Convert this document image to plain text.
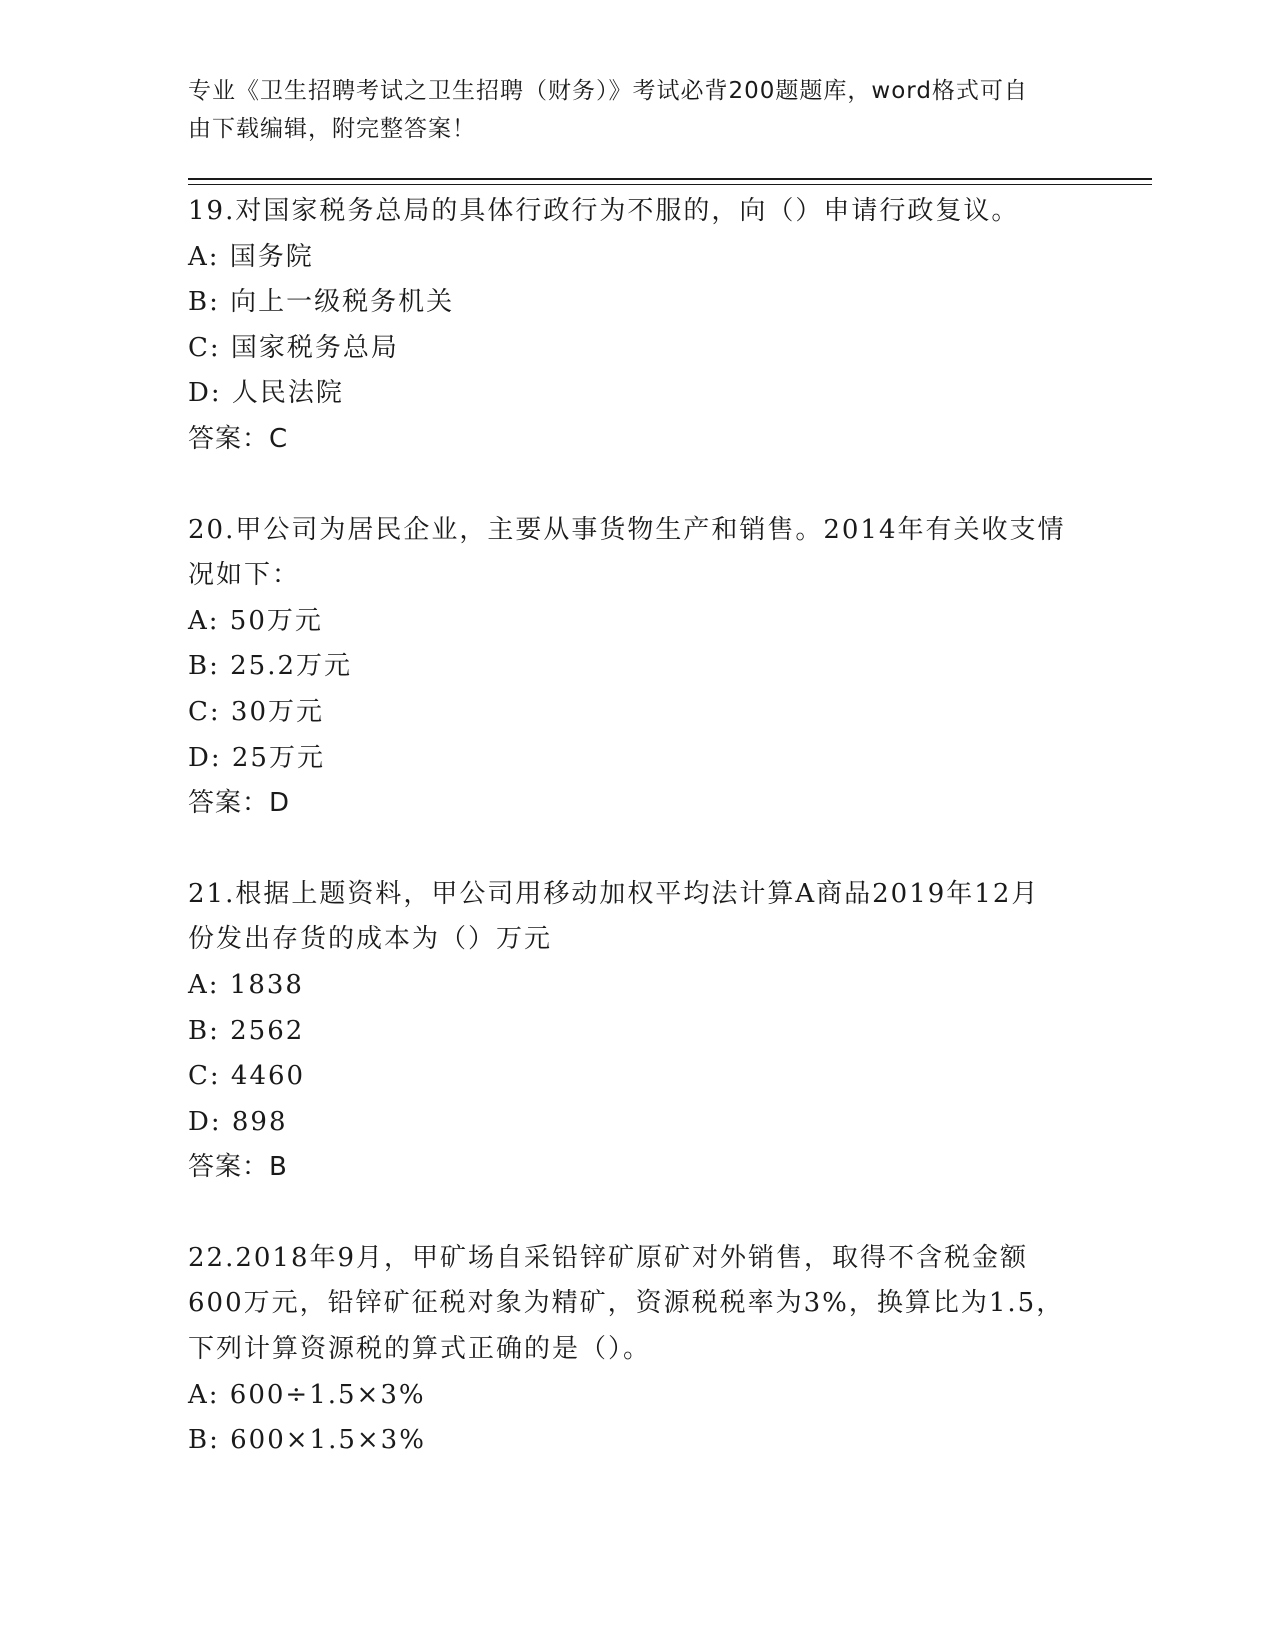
专业《卫生招聘考试之卫生招聘（财务）》考试必背200题题库，word格式可自
由下载编辑，附完整答案！
19.对国家税务总局的具体行政行为不服的，向（）申请行政复议。
A: 国务院
B: 向上一级税务机关
C: 国家税务总局
D: 人民法院
答案：C
20.甲公司为居民企业，主要从事货物生产和销售。2014年有关收支情
况如下：
A: 50万元
B: 25.2万元
C: 30万元
D: 25万元
答案：D
21.根据上题资料，甲公司用移动加权平均法计算A商品2019年12月
份发出存货的成本为（）万元
A: 1838
B: 2562
C: 4460
D: 898
答案：B
22.2018年9月，甲矿场自采铅锌矿原矿对外销售，取得不含税金额
600万元，铅锌矿征税对象为精矿，资源税税率为3%，换算比为1.5，
下列计算资源税的算式正确的是（）。
A: 600÷1.5×3%
B: 600×1.5×3%
